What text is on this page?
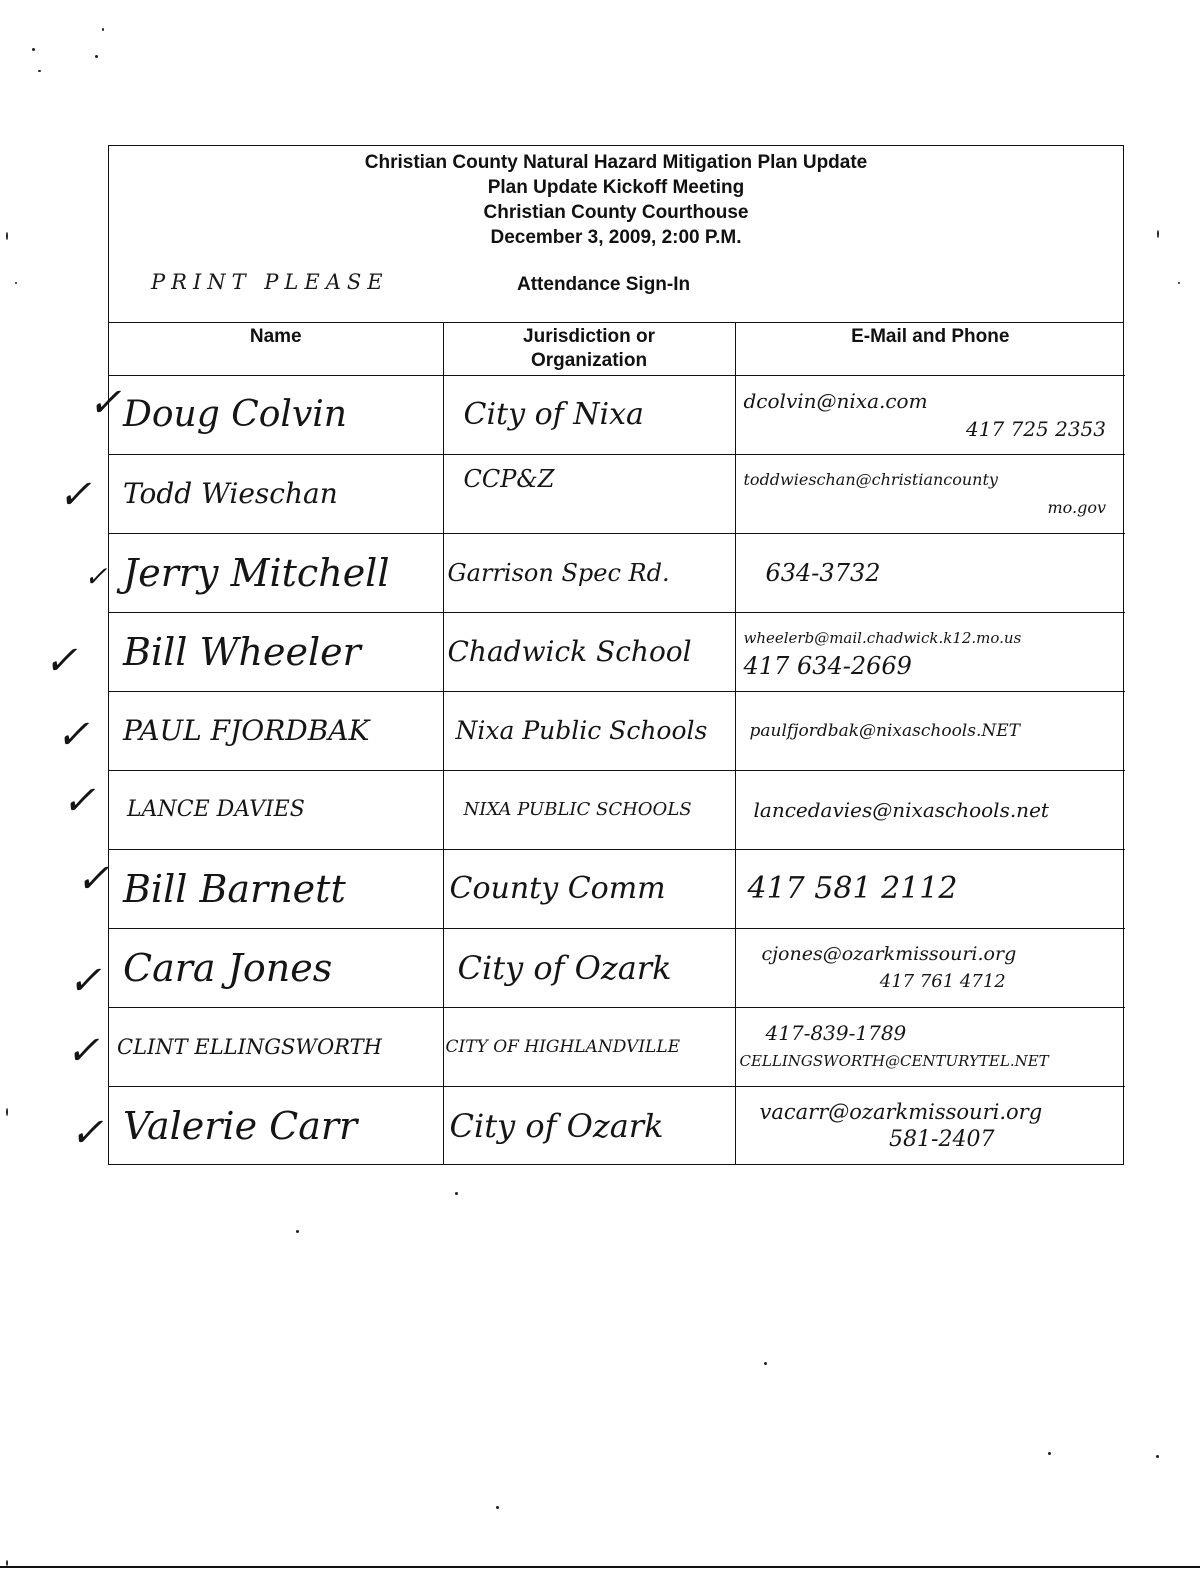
Christian County Natural Hazard Mitigation Plan Update
Plan Update Kickoff Meeting
Christian County Courthouse
December 3, 2009, 2:00 P.M.
PRINT PLEASE	Attendance Sign-In
Name	Jurisdiction or Organization	E-Mail and Phone
Doug Colvin	City of Nixa	dcolvin@nixa.com
417 725 2353

Todd Wieschan	CCP&Z	toddwieschan@christiancounty
mo.gov

Jerry Mitchell	Garrison Spec Rd.	634-3732

Bill Wheeler	Chadwick School	wheelerb@mail.chadwick.k12.mo.us
417 634-2669

PAUL FJORDBAK	Nixa Public Schools	paulfjordbak@nixaschools.NET

LANCE DAVIES	NIXA PUBLIC SCHOOLS	lancedavies@nixaschools.net

Bill Barnett	County Comm	417 581 2112

Cara Jones	City of Ozark	cjones@ozarkmissouri.org
417 761 4712

CLINT ELLINGSWORTH	CITY OF HIGHLANDVILLE	417-839-1789
CELLINGSWORTH@CENTURYTEL.NET
Valerie Carr	City of Ozark	vacarr@ozarkmissouri.org
581-2407
✓
✓
✓
✓
✓
✓
✓
✓
✓
✓
